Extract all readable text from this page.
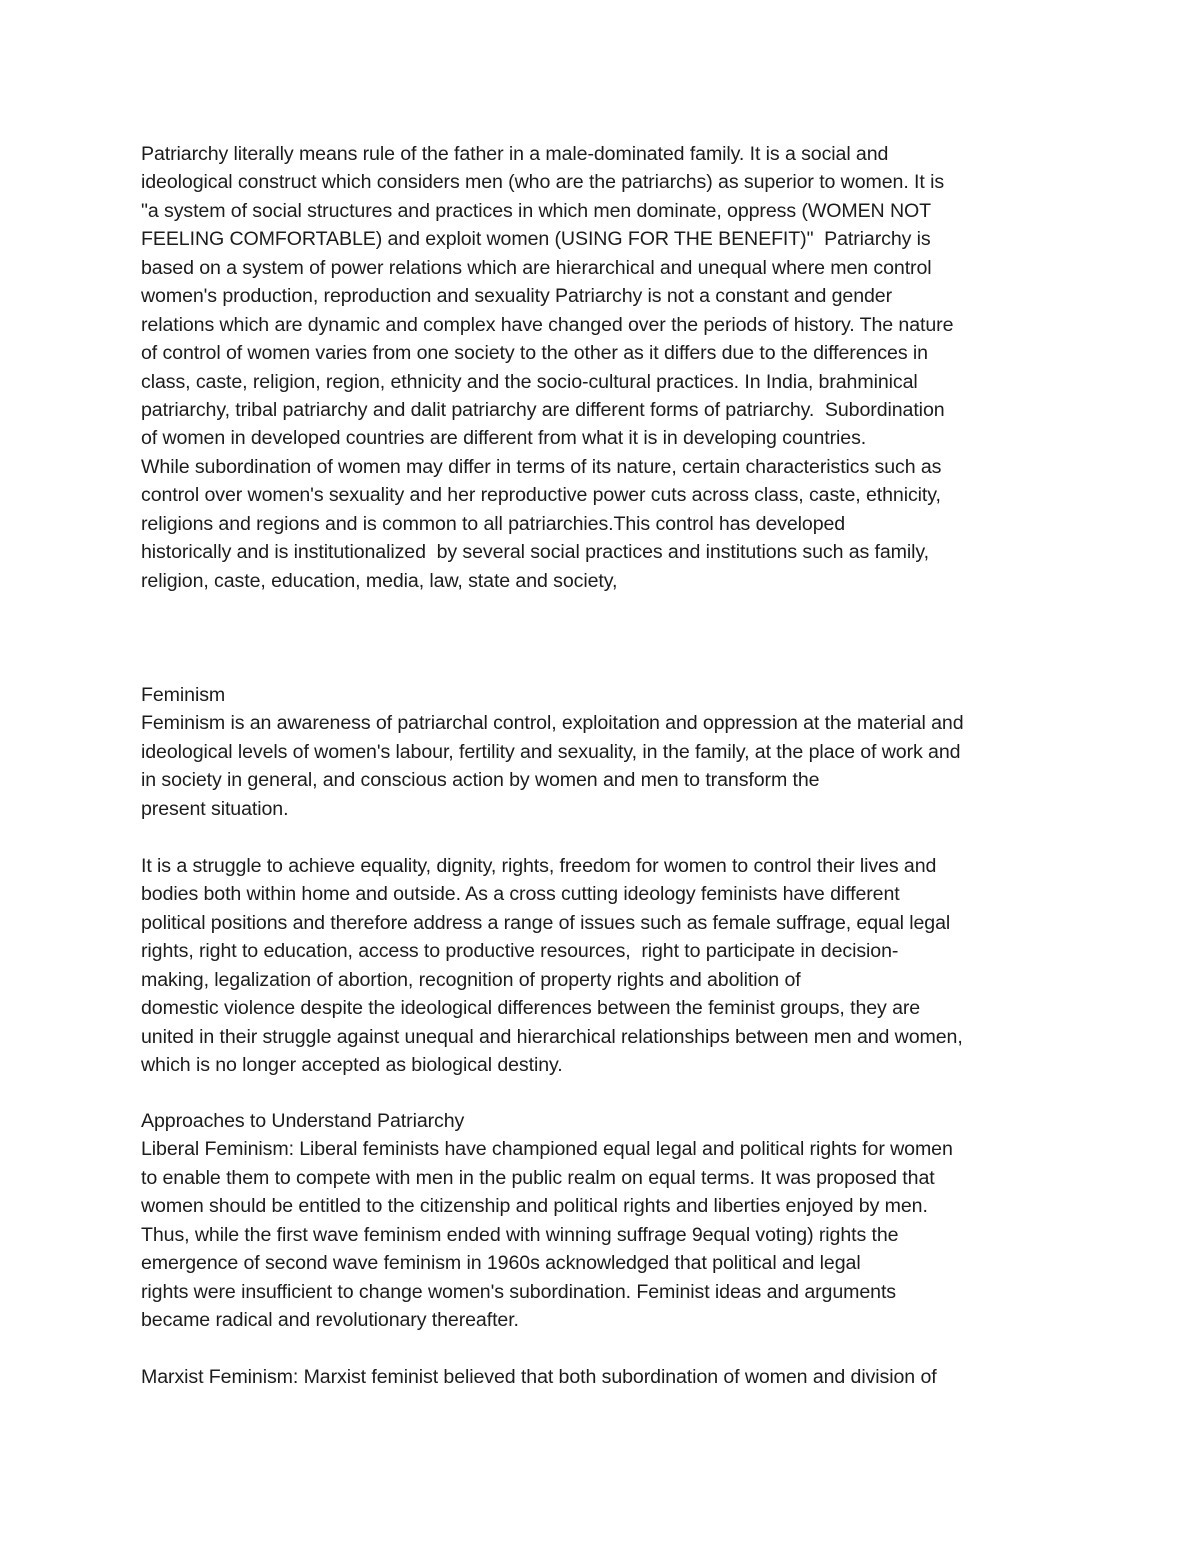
Patriarchy literally means rule of the father in a male-dominated family. It is a social and
ideological construct which considers men (who are the patriarchs) as superior to women. It is
"a system of social structures and practices in which men dominate, oppress (WOMEN NOT
FEELING COMFORTABLE) and exploit women (USING FOR THE BENEFIT)"  Patriarchy is
based on a system of power relations which are hierarchical and unequal where men control
women's production, reproduction and sexuality Patriarchy is not a constant and gender
relations which are dynamic and complex have changed over the periods of history. The nature
of control of women varies from one society to the other as it differs due to the differences in
class, caste, religion, region, ethnicity and the socio-cultural practices. In India, brahminical
patriarchy, tribal patriarchy and dalit patriarchy are different forms of patriarchy.  Subordination
of women in developed countries are different from what it is in developing countries.
While subordination of women may differ in terms of its nature, certain characteristics such as
control over women's sexuality and her reproductive power cuts across class, caste, ethnicity,
religions and regions and is common to all patriarchies.This control has developed
historically and is institutionalized  by several social practices and institutions such as family,
religion, caste, education, media, law, state and society,
Feminism
Feminism is an awareness of patriarchal control, exploitation and oppression at the material and
ideological levels of women's labour, fertility and sexuality, in the family, at the place of work and
in society in general, and conscious action by women and men to transform the
present situation.
It is a struggle to achieve equality, dignity, rights, freedom for women to control their lives and
bodies both within home and outside. As a cross cutting ideology feminists have different
political positions and therefore address a range of issues such as female suffrage, equal legal
rights, right to education, access to productive resources,  right to participate in decision-
making, legalization of abortion, recognition of property rights and abolition of
domestic violence despite the ideological differences between the feminist groups, they are
united in their struggle against unequal and hierarchical relationships between men and women,
which is no longer accepted as biological destiny.
Approaches to Understand Patriarchy
Liberal Feminism: Liberal feminists have championed equal legal and political rights for women
to enable them to compete with men in the public realm on equal terms. It was proposed that
women should be entitled to the citizenship and political rights and liberties enjoyed by men.
Thus, while the first wave feminism ended with winning suffrage 9equal voting) rights the
emergence of second wave feminism in 1960s acknowledged that political and legal
rights were insufficient to change women's subordination. Feminist ideas and arguments
became radical and revolutionary thereafter.
Marxist Feminism: Marxist feminist believed that both subordination of women and division of
